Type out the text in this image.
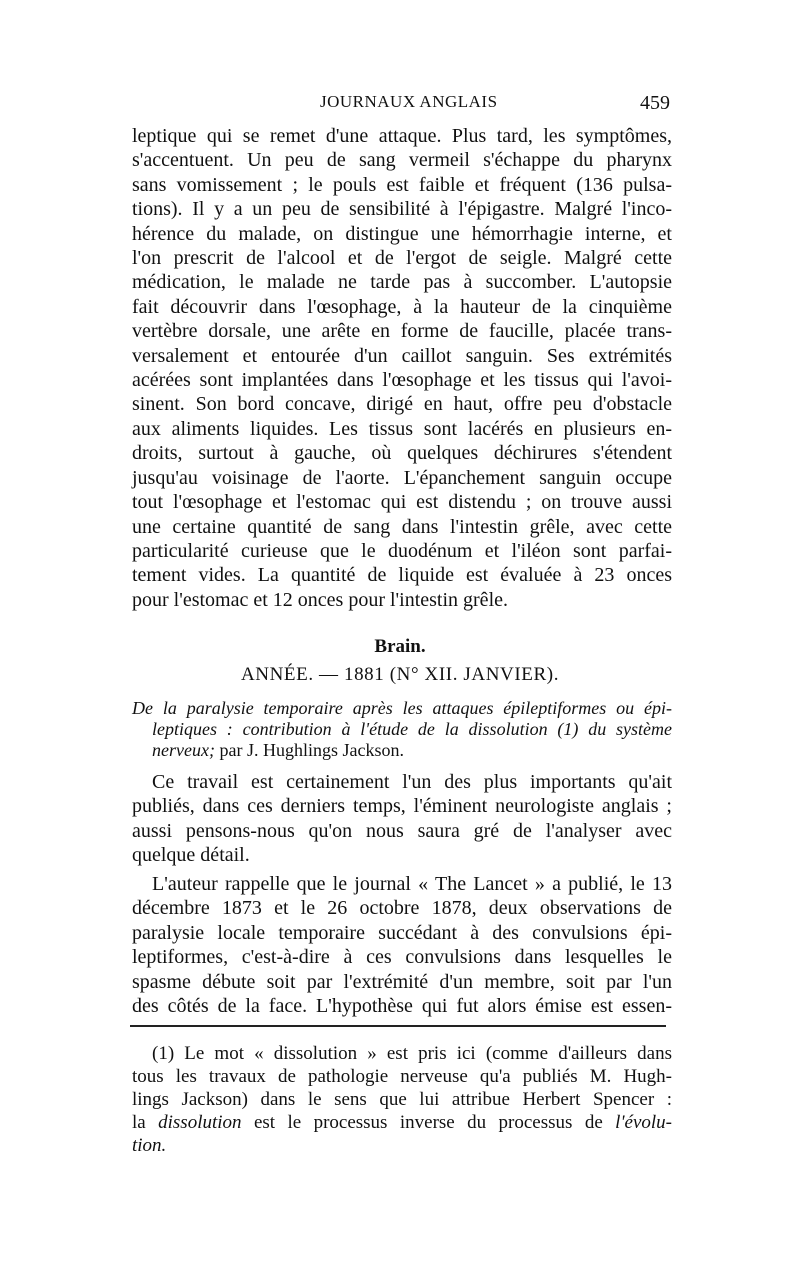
JOURNAUX ANGLAIS	459
leptique qui se remet d'une attaque. Plus tard, les symptômes,
s'accentuent. Un peu de sang vermeil s'échappe du pharynx
sans vomissement ; le pouls est faible et fréquent (136 pulsa-
tions). Il y a un peu de sensibilité à l'épigastre. Malgré l'inco-
hérence du malade, on distingue une hémorrhagie interne, et
l'on prescrit de l'alcool et de l'ergot de seigle. Malgré cette
médication, le malade ne tarde pas à succomber. L'autopsie
fait découvrir dans l'œsophage, à la hauteur de la cinquième
vertèbre dorsale, une arête en forme de faucille, placée trans-
versalement et entourée d'un caillot sanguin. Ses extrémités
acérées sont implantées dans l'œsophage et les tissus qui l'avoi-
sinent. Son bord concave, dirigé en haut, offre peu d'obstacle
aux aliments liquides. Les tissus sont lacérés en plusieurs en-
droits, surtout à gauche, où quelques déchirures s'étendent
jusqu'au voisinage de l'aorte. L'épanchement sanguin occupe
tout l'œsophage et l'estomac qui est distendu ; on trouve aussi
une certaine quantité de sang dans l'intestin grêle, avec cette
particularité curieuse que le duodénum et l'iléon sont parfai-
tement vides. La quantité de liquide est évaluée à 23 onces
pour l'estomac et 12 onces pour l'intestin grêle.
Brain.
ANNÉE. — 1881 (N° XII. JANVIER).
De la paralysie temporaire après les attaques épileptiformes ou épi-
leptiques : contribution à l'étude de la dissolution (1) du système
nerveux; par J. Hughlings Jackson.
Ce travail est certainement l'un des plus importants qu'ait
publiés, dans ces derniers temps, l'éminent neurologiste anglais ;
aussi pensons-nous qu'on nous saura gré de l'analyser avec
quelque détail.
L'auteur rappelle que le journal « The Lancet » a publié, le 13
décembre 1873 et le 26 octobre 1878, deux observations de
paralysie locale temporaire succédant à des convulsions épi-
leptiformes, c'est-à-dire à ces convulsions dans lesquelles le
spasme débute soit par l'extrémité d'un membre, soit par l'un
des côtés de la face. L'hypothèse qui fut alors émise est essen-
(1) Le mot « dissolution » est pris ici (comme d'ailleurs dans
tous les travaux de pathologie nerveuse qu'a publiés M. Hugh-
lings Jackson) dans le sens que lui attribue Herbert Spencer :
la dissolution est le processus inverse du processus de l'évolu-
tion.
